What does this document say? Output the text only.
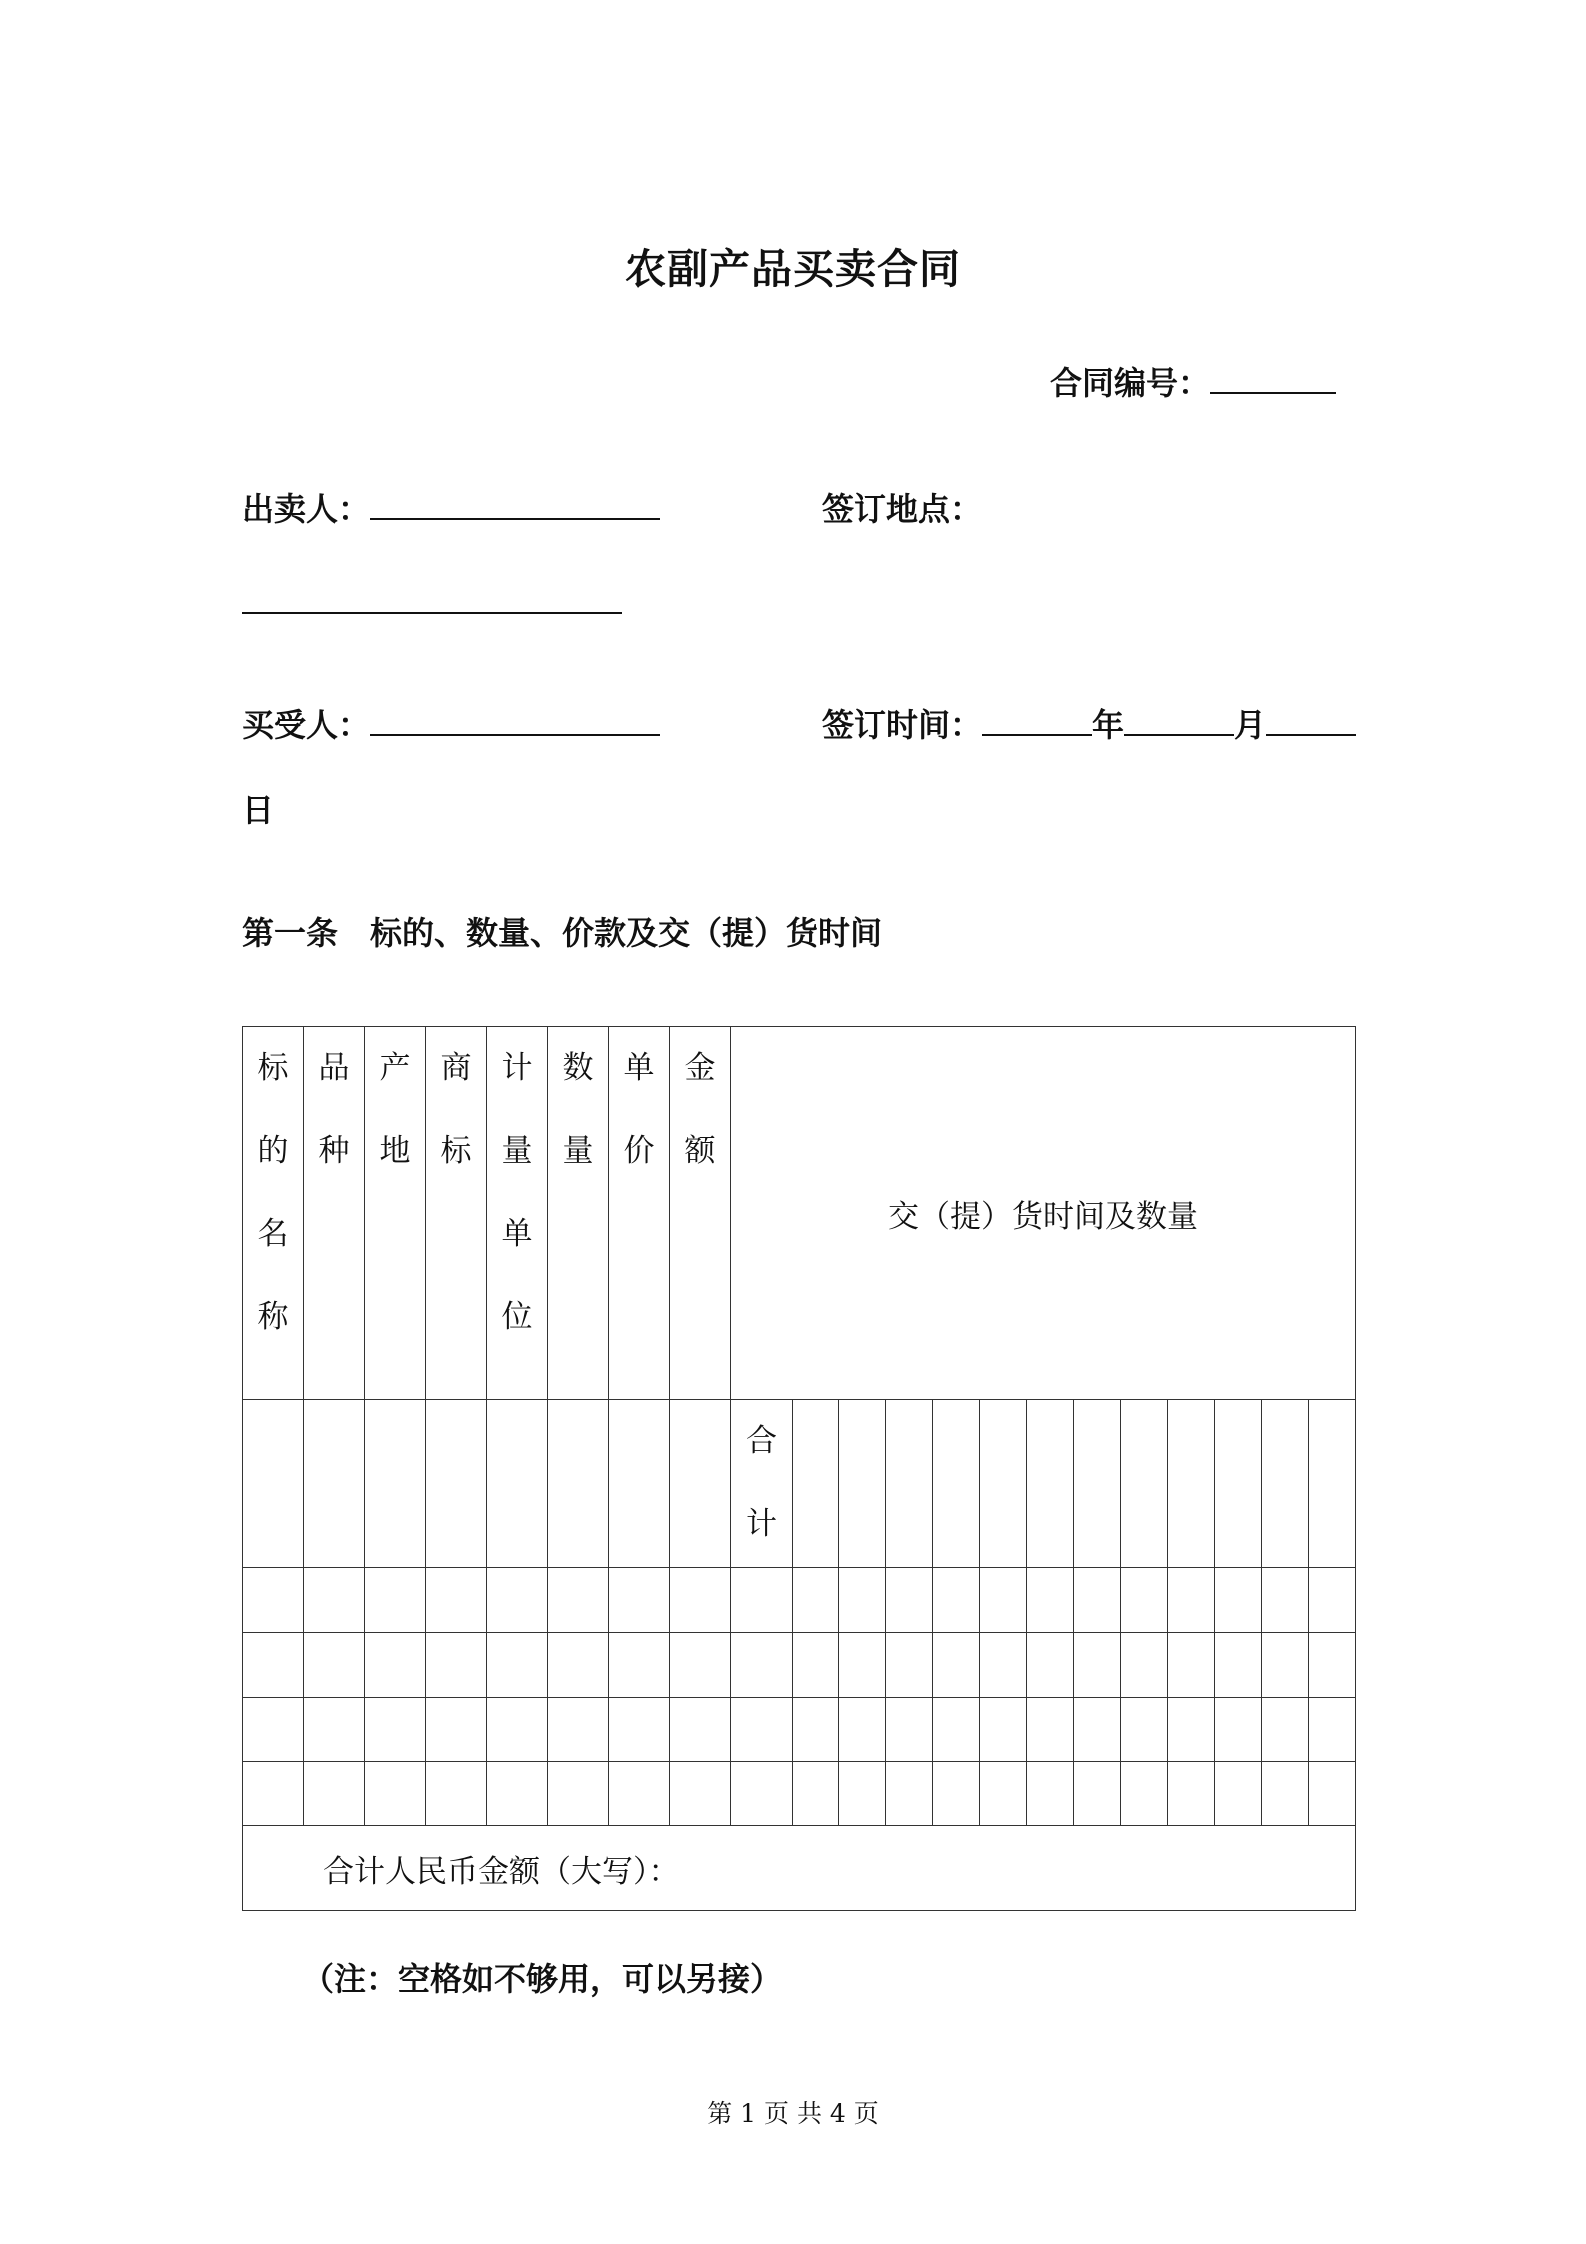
农副产品买卖合同
合同编号：
出卖人：	签订地点：
买受人：	签订时间：	年	月
日
第一条　标的、数量、价款及交（提）货时间
标的名称	品种	产地	商标	计量单位	数量	单价	金额	交（提）货时间及数量												

								合计												

合计人民币金额（大写）：																				
（注：空格如不够用，可以另接）
第 1 页 共 4 页
